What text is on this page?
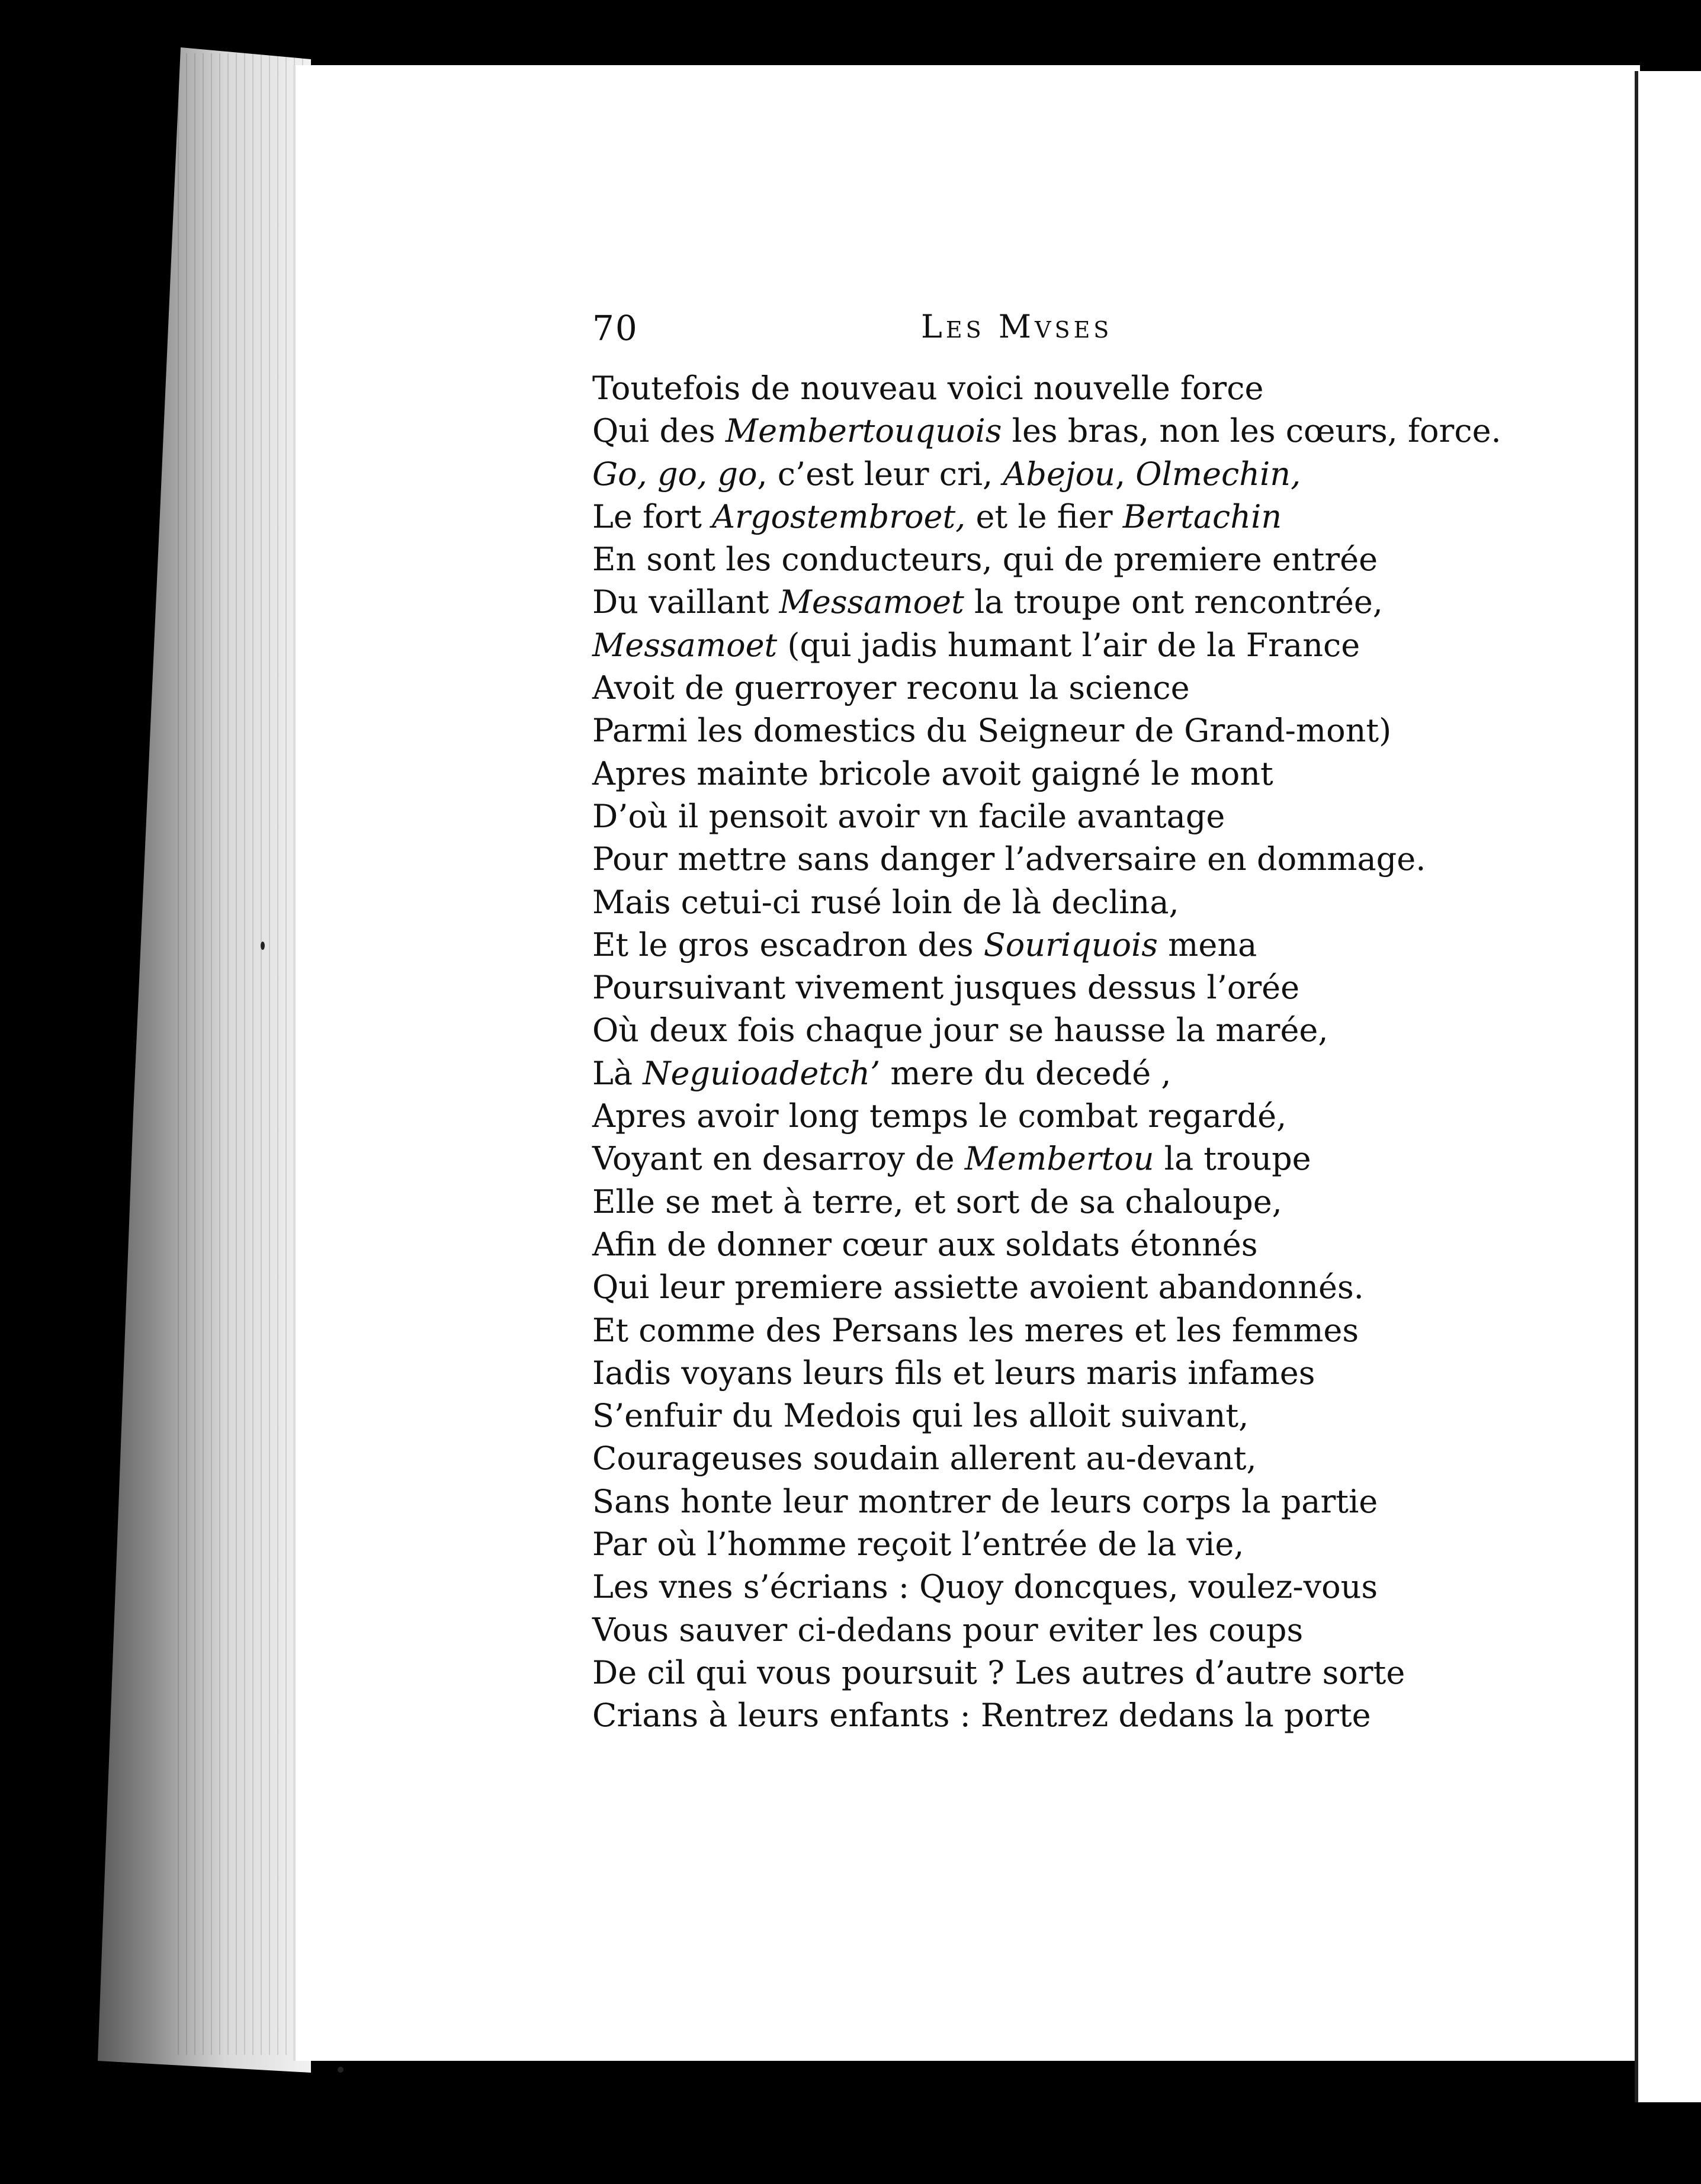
70	Les Mvses
Toutefois de nouveau voici nouvelle force
Qui des Membertouquois les bras, non les cœurs, force.
Go, go, go, c’est leur cri, Abejou, Olmechin,
Le fort Argostembroet, et le fier Bertachin
En sont les conducteurs, qui de premiere entrée
Du vaillant Messamoet la troupe ont rencontrée,
Messamoet (qui jadis humant l’air de la France
Avoit de guerroyer reconu la science
Parmi les domestics du Seigneur de Grand-mont)
Apres mainte bricole avoit gaigné le mont
D’où il pensoit avoir vn facile avantage
Pour mettre sans danger l’adversaire en dommage.
Mais cetui-ci rusé loin de là declina,
Et le gros escadron des Souriquois mena
Poursuivant vivement jusques dessus l’orée
Où deux fois chaque jour se hausse la marée,
Là Neguioadetch’ mere du decedé ,
Apres avoir long temps le combat regardé,
Voyant en desarroy de Membertou la troupe
Elle se met à terre, et sort de sa chaloupe,
Afin de donner cœur aux soldats étonnés
Qui leur premiere assiette avoient abandonnés.
Et comme des Persans les meres et les femmes
Iadis voyans leurs fils et leurs maris infames
S’enfuir du Medois qui les alloit suivant,
Courageuses soudain allerent au-devant,
Sans honte leur montrer de leurs corps la partie
Par où l’homme reçoit l’entrée de la vie,
Les vnes s’écrians : Quoy doncques, voulez-vous
Vous sauver ci-dedans pour eviter les coups
De cil qui vous poursuit ? Les autres d’autre sorte
Crians à leurs enfants : Rentrez dedans la porte
